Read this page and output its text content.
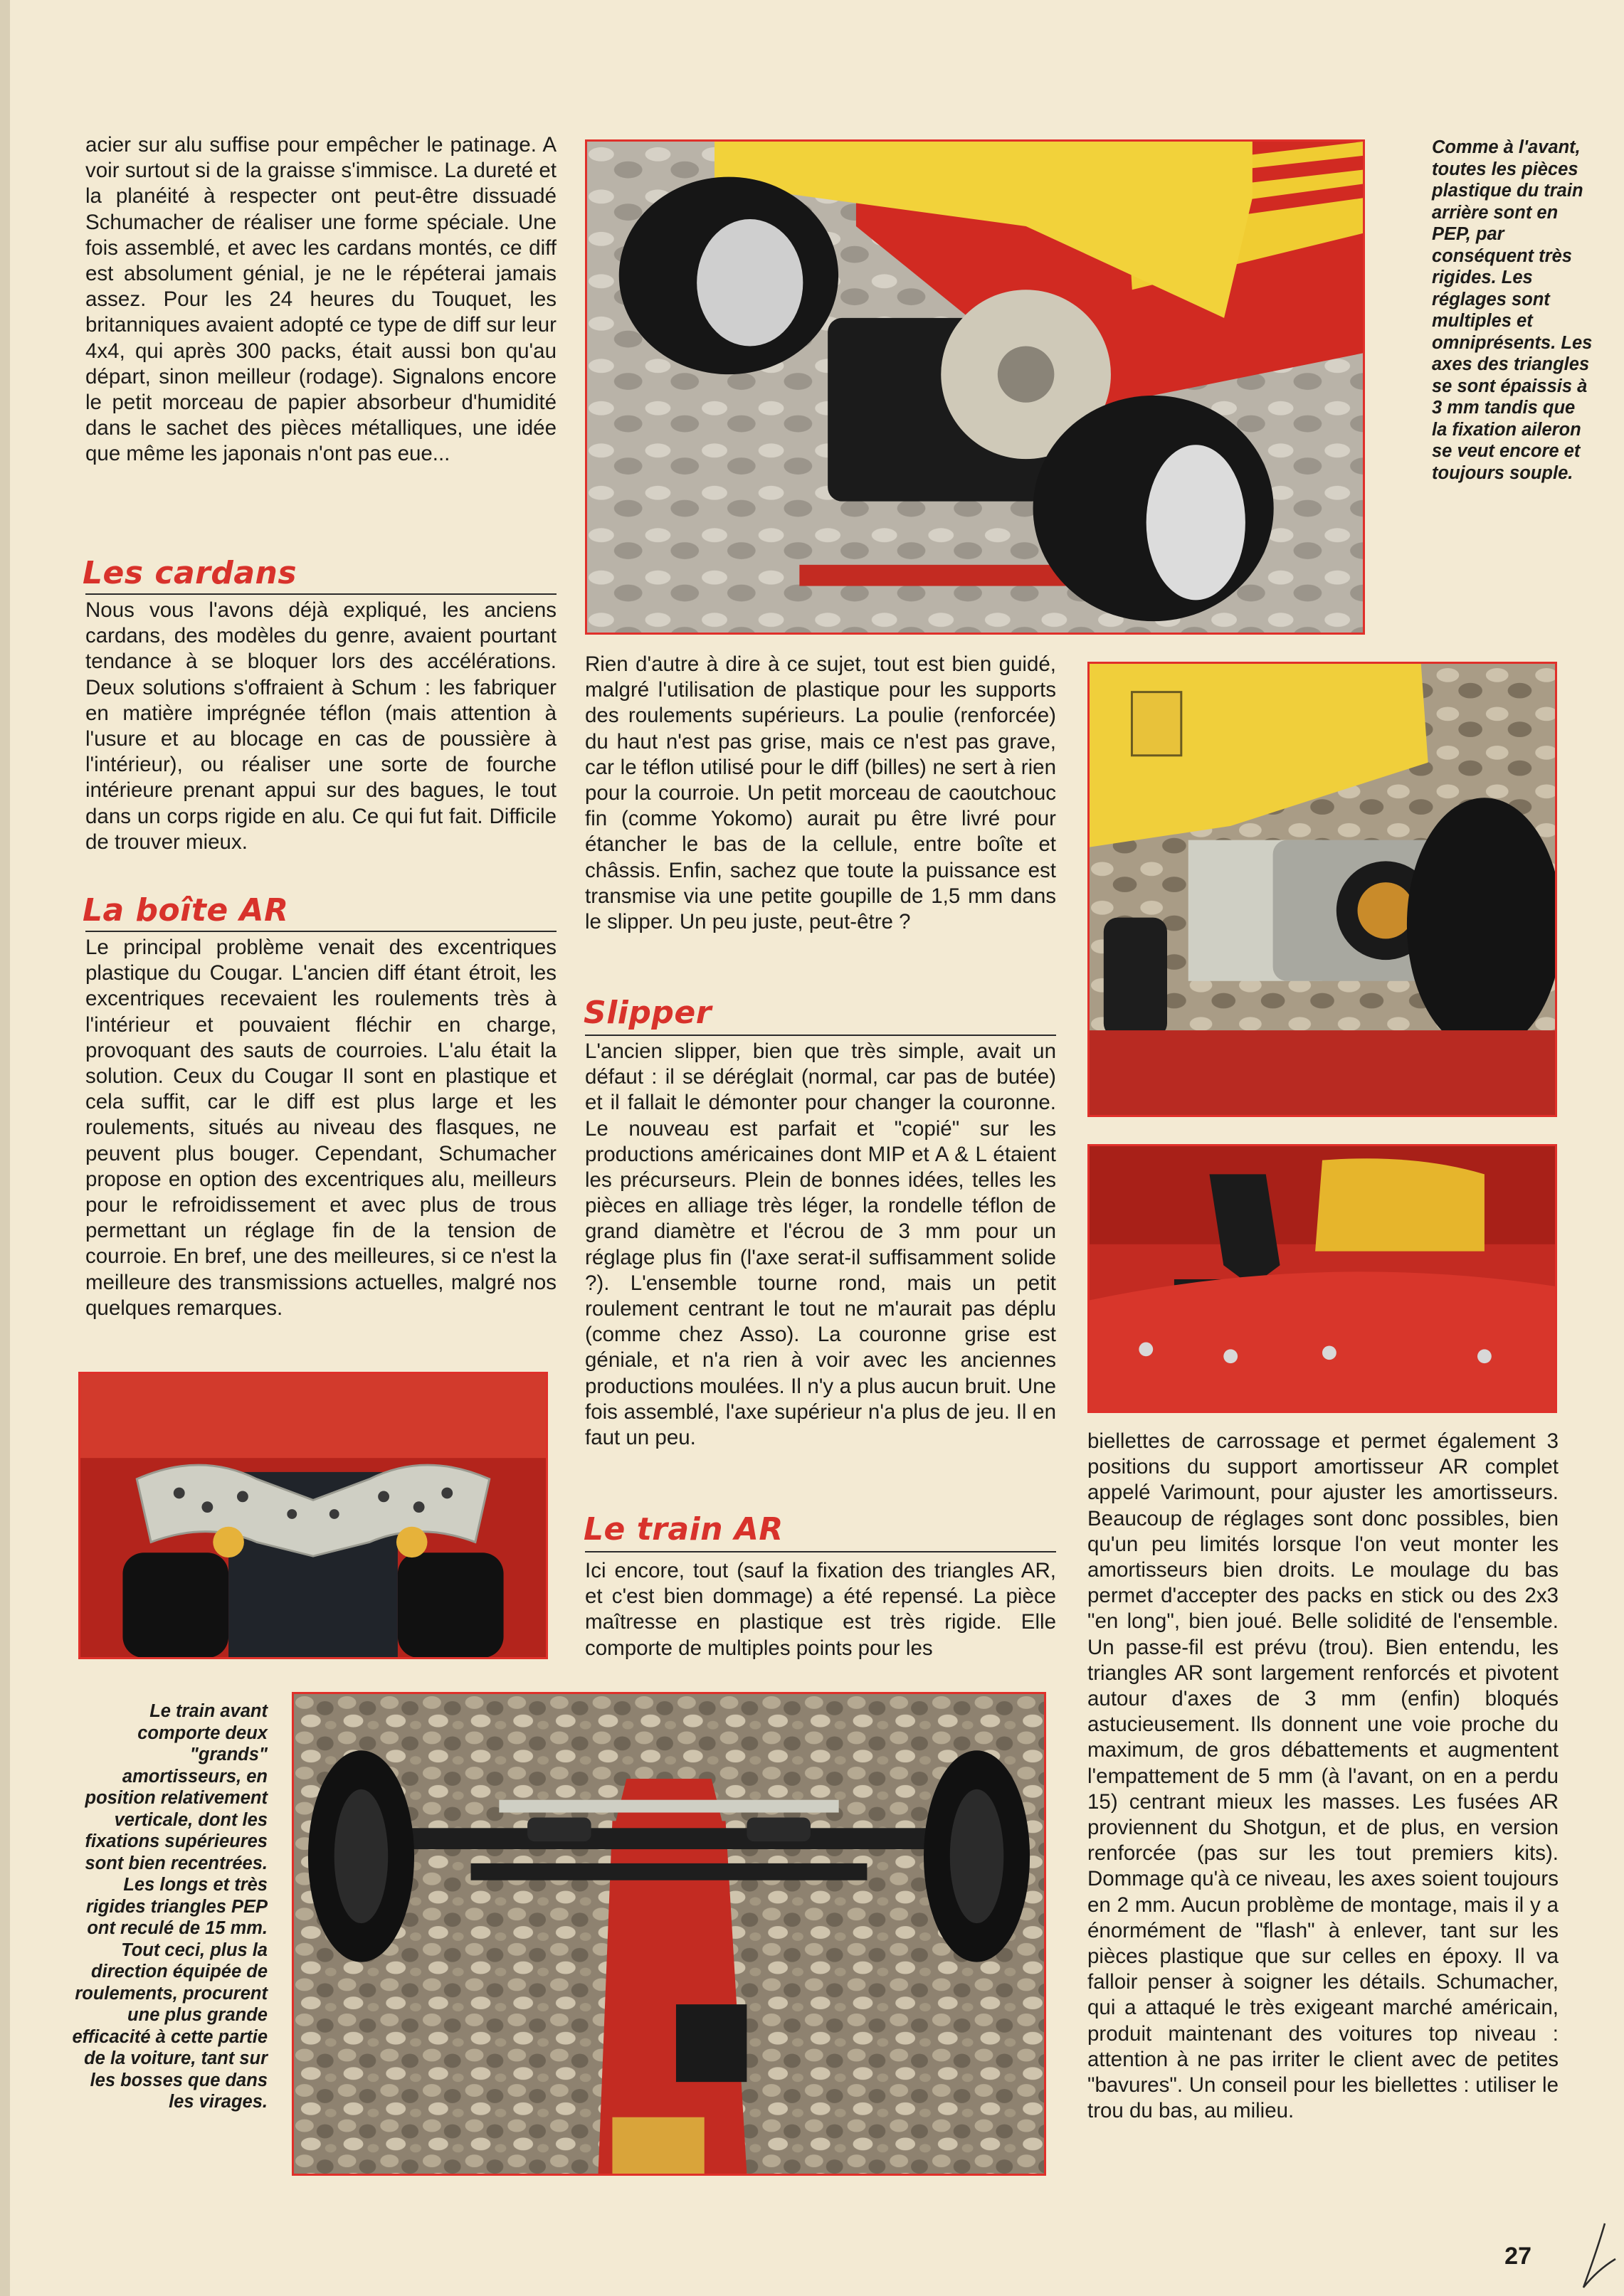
acier sur alu suffise pour empêcher le patinage. A voir surtout si de la graisse s'immisce. La dureté et la planéité à respecter ont peut-être dissuadé Schumacher de réaliser une forme spéciale. Une fois assemblé, et avec les cardans montés, ce diff est absolument génial, je ne le répéterai jamais assez. Pour les 24 heures du Touquet, les britanniques avaient adopté ce type de diff sur leur 4x4, qui après 300 packs, était aussi bon qu'au départ, sinon meilleur (rodage). Signalons encore le petit morceau de papier absorbeur d'humidité dans le sachet des pièces métalliques, une idée que même les japonais n'ont pas eue...

Les cardans

Nous vous l'avons déjà expliqué, les anciens cardans, des modèles du genre, avaient pourtant tendance à se bloquer lors des accélérations. Deux solutions s'offraient à Schum : les fabriquer en matière imprégnée téflon (mais attention à l'usure et au blocage en cas de poussière à l'intérieur), ou réaliser une sorte de fourche intérieure prenant appui sur des bagues, le tout dans un corps rigide en alu. Ce qui fut fait. Difficile de trouver mieux.

La boîte AR

Le principal problème venait des excentriques plastique du Cougar. L'ancien diff étant étroit, les excentriques recevaient les roulements très à l'intérieur et pouvaient fléchir en charge, provoquant des sauts de courroies. L'alu était la solution. Ceux du Cougar II sont en plastique et cela suffit, car le diff est plus large et les roulements, situés au niveau des flasques, ne peuvent plus bouger. Cependant, Schumacher propose en option des excentriques alu, meilleurs pour le refroidissement et avec plus de trous permettant un réglage fin de la tension de courroie. En bref, une des meilleures, si ce n'est la meilleure des transmissions actuelles, malgré nos quelques remarques.

Le train avant comporte deux "grands" amortisseurs, en position relativement verticale, dont les fixations supérieures sont bien recentrées. Les longs et très rigides triangles PEP ont reculé de 15 mm. Tout ceci, plus la direction équipée de roulements, procurent une plus grande efficacité à cette partie de la voiture, tant sur les bosses que dans les virages.
Comme à l'avant, toutes les pièces plastique du train arrière sont en PEP, par conséquent très rigides. Les réglages sont multiples et omniprésents. Les axes des triangles se sont épaissis à 3 mm tandis que la fixation aileron se veut encore et toujours souple.

Rien d'autre à dire à ce sujet, tout est bien guidé, malgré l'utilisation de plastique pour les supports des roulements supérieurs. La poulie (renforcée) du haut n'est pas grise, mais ce n'est pas grave, car le téflon utilisé pour le diff (billes) ne sert à rien pour la courroie. Un petit morceau de caoutchouc fin (comme Yokomo) aurait pu être livré pour étancher le bas de la cellule, entre boîte et châssis. Enfin, sachez que toute la puissance est transmise via une petite goupille de 1,5 mm dans le slipper. Un peu juste, peut-être ?

Slipper

L'ancien slipper, bien que très simple, avait un défaut : il se déréglait (normal, car pas de butée) et il fallait le démonter pour changer la couronne. Le nouveau est parfait et "copié" sur les productions américaines dont MIP et A & L étaient les précurseurs. Plein de bonnes idées, telles les pièces en alliage très léger, la rondelle téflon de grand diamètre et l'écrou de 3 mm pour un réglage plus fin (l'axe serat-il suffisamment solide ?). L'ensemble tourne rond, mais un petit roulement centrant le tout ne m'aurait pas déplu (comme chez Asso). La couronne grise est géniale, et n'a rien à voir avec les anciennes productions moulées. Il n'y a plus aucun bruit. Une fois assemblé, l'axe supérieur n'a plus de jeu. Il en faut un peu.

Le train AR

Ici encore, tout (sauf la fixation des triangles AR, et c'est bien dommage) a été repensé. La pièce maîtresse en plastique est très rigide. Elle comporte de multiples points pour les

biellettes de carrossage et permet également 3 positions du support amortisseur AR complet appelé Varimount, pour ajuster les amortisseurs. Beaucoup de réglages sont donc possibles, bien qu'un peu limités lorsque l'on veut monter les amortisseurs bien droits. Le moulage du bas permet d'accepter des packs en stick ou des 2x3 "en long", bien joué. Belle solidité de l'ensemble. Un passe-fil est prévu (trou). Bien entendu, les triangles AR sont largement renforcés et pivotent autour d'axes de 3 mm (enfin) bloqués astucieusement. Ils donnent une voie proche du maximum, de gros débattements et augmentent l'empattement de 5 mm (à l'avant, on en a perdu 15) centrant mieux les masses. Les fusées AR proviennent du Shotgun, et de plus, en version renforcée (pas sur les tout premiers kits). Dommage qu'à ce niveau, les axes soient toujours en 2 mm. Aucun problème de montage, mais il y a énormément de "flash" à enlever, tant sur les pièces plastique que sur celles en époxy. Il va falloir penser à soigner les détails. Schumacher, qui a attaqué le très exigeant marché américain, produit maintenant des voitures top niveau : attention à ne pas irriter le client avec de petites "bavures". Un conseil pour les biellettes : utiliser le trou du bas, au milieu.

27
